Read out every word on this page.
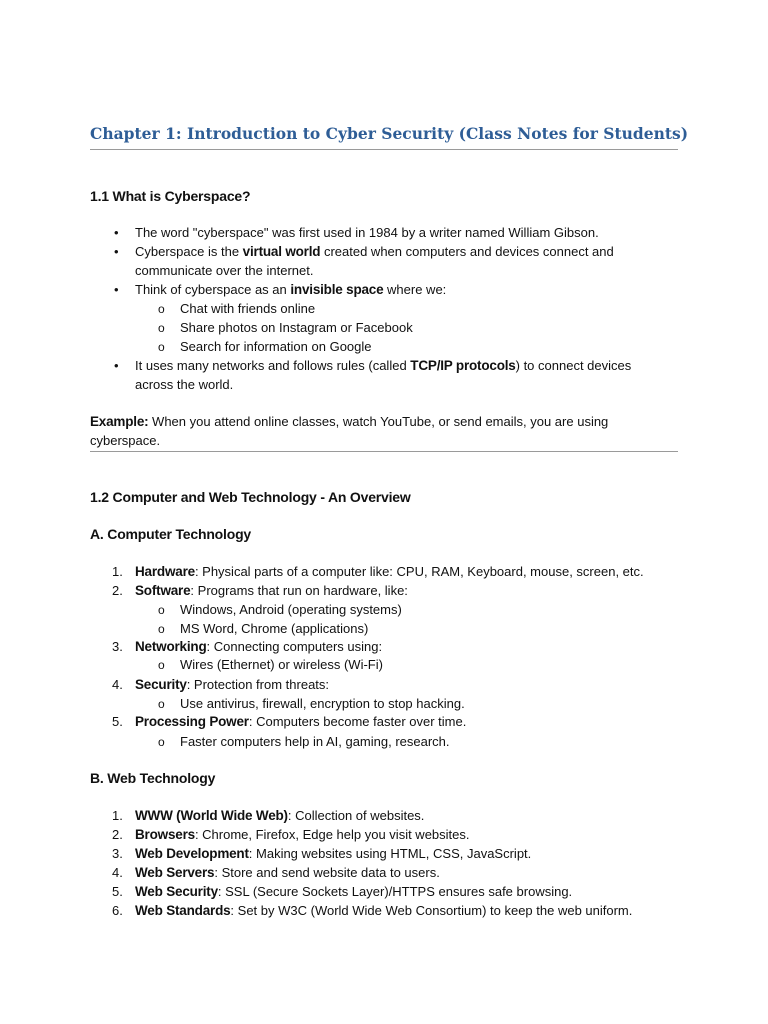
Chapter 1: Introduction to Cyber Security (Class Notes for Students)
1.1 What is Cyberspace?
• The word "cyberspace" was first used in 1984 by a writer named William Gibson.
• Cyberspace is the virtual world created when computers and devices connect and
communicate over the internet.
• Think of cyberspace as an invisible space where we:
o Chat with friends online
o Share photos on Instagram or Facebook
o Search for information on Google
• It uses many networks and follows rules (called TCP/IP protocols) to connect devices
across the world.
Example: When you attend online classes, watch YouTube, or send emails, you are using
cyberspace.
1.2 Computer and Web Technology - An Overview
A. Computer Technology
1. Hardware: Physical parts of a computer like: CPU, RAM, Keyboard, mouse, screen, etc.
2. Software: Programs that run on hardware, like:
o Windows, Android (operating systems)
o MS Word, Chrome (applications)
3. Networking: Connecting computers using:
o Wires (Ethernet) or wireless (Wi-Fi)
4. Security: Protection from threats:
o Use antivirus, firewall, encryption to stop hacking.
5. Processing Power: Computers become faster over time.
o Faster computers help in AI, gaming, research.
B. Web Technology
1. WWW (World Wide Web): Collection of websites.
2. Browsers: Chrome, Firefox, Edge help you visit websites.
3. Web Development: Making websites using HTML, CSS, JavaScript.
4. Web Servers: Store and send website data to users.
5. Web Security: SSL (Secure Sockets Layer)/HTTPS ensures safe browsing.
6. Web Standards: Set by W3C (World Wide Web Consortium) to keep the web uniform.
